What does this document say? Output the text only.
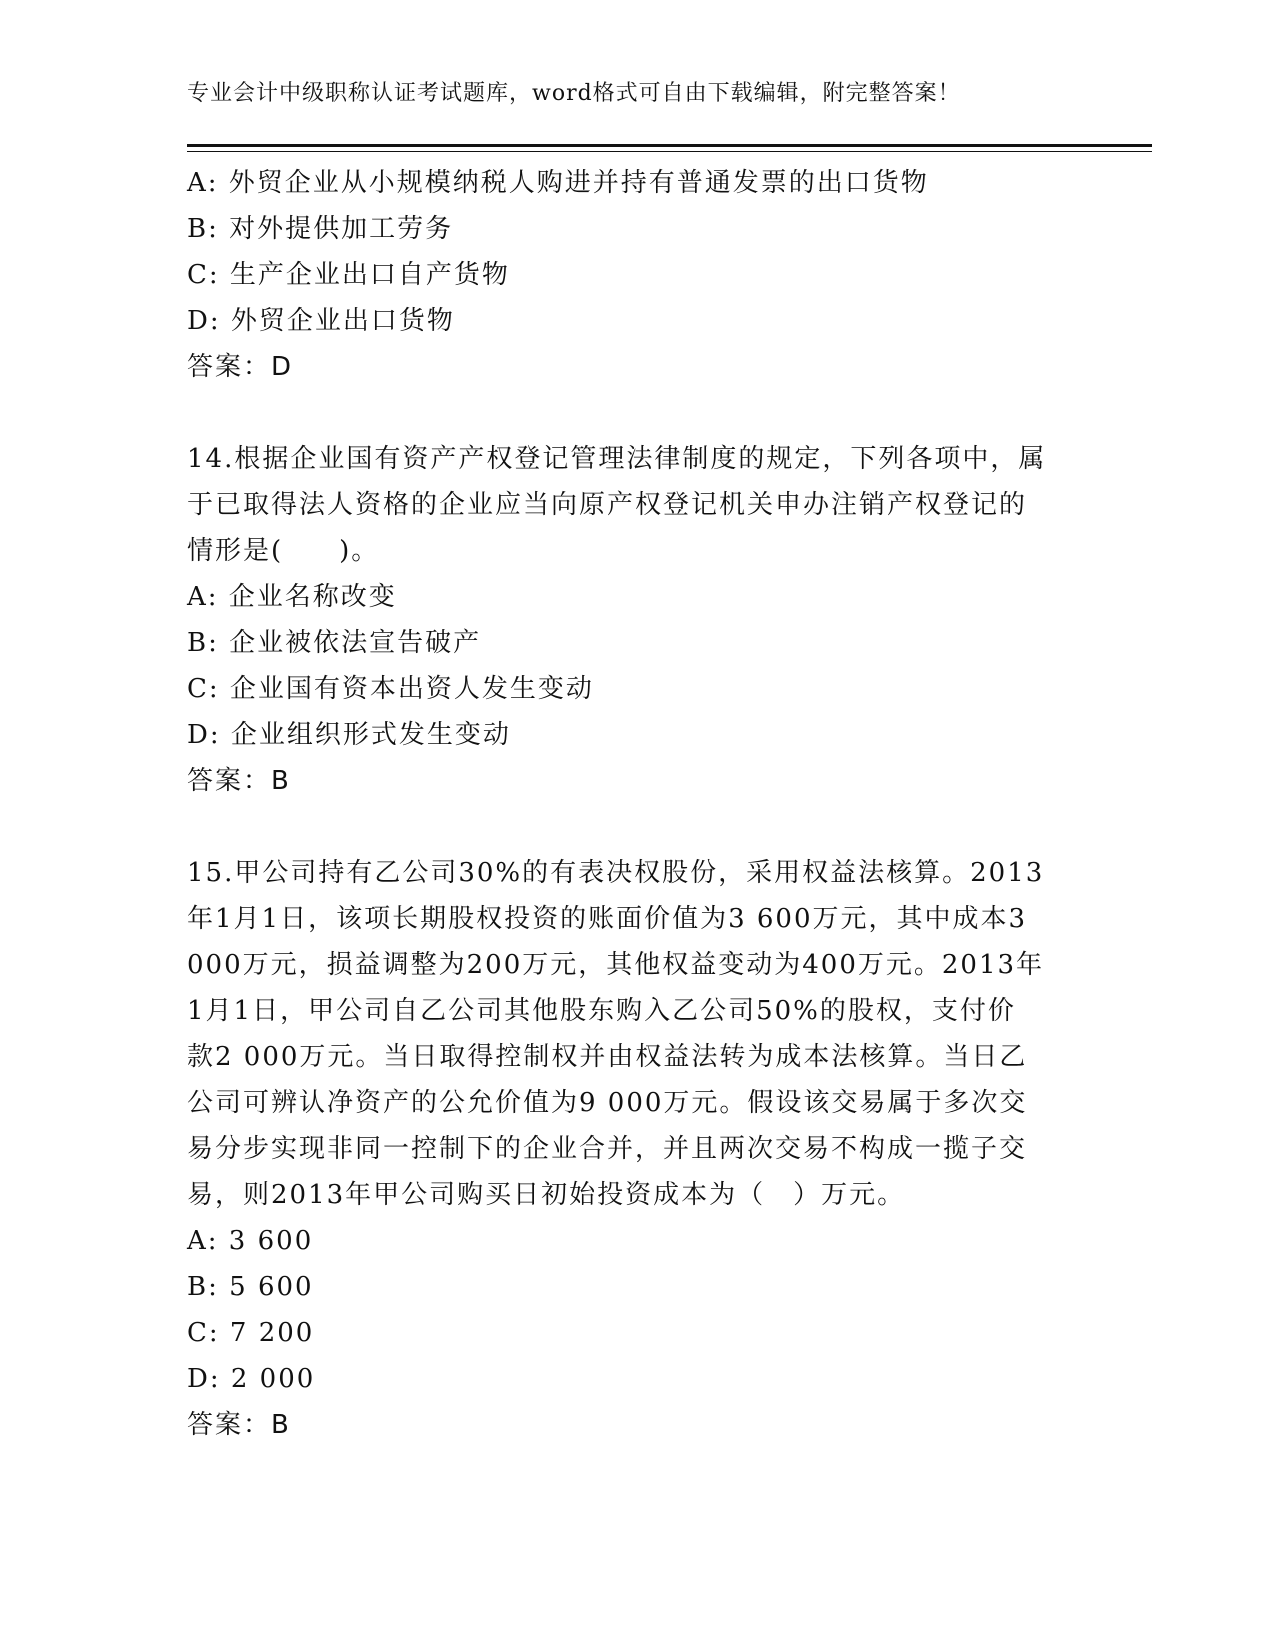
专业会计中级职称认证考试题库，word格式可自由下载编辑，附完整答案！

A: 外贸企业从小规模纳税人购进并持有普通发票的出口货物

B: 对外提供加工劳务

C: 生产企业出口自产货物

D: 外贸企业出口货物

答案：D

14.根据企业国有资产产权登记管理法律制度的规定，下列各项中，属

于已取得法人资格的企业应当向原产权登记机关申办注销产权登记的

情形是(　　)。

A: 企业名称改变

B: 企业被依法宣告破产

C: 企业国有资本出资人发生变动

D: 企业组织形式发生变动

答案：B

15.甲公司持有乙公司30%的有表决权股份，采用权益法核算。2013

年1月1日，该项长期股权投资的账面价值为3 600万元，其中成本3

000万元，损益调整为200万元，其他权益变动为400万元。2013年

1月1日，甲公司自乙公司其他股东购入乙公司50%的股权，支付价

款2 000万元。当日取得控制权并由权益法转为成本法核算。当日乙

公司可辨认净资产的公允价值为9 000万元。假设该交易属于多次交

易分步实现非同一控制下的企业合并，并且两次交易不构成一揽子交

易，则2013年甲公司购买日初始投资成本为（　）万元。

A: 3 600

B: 5 600

C: 7 200

D: 2 000

答案：B
